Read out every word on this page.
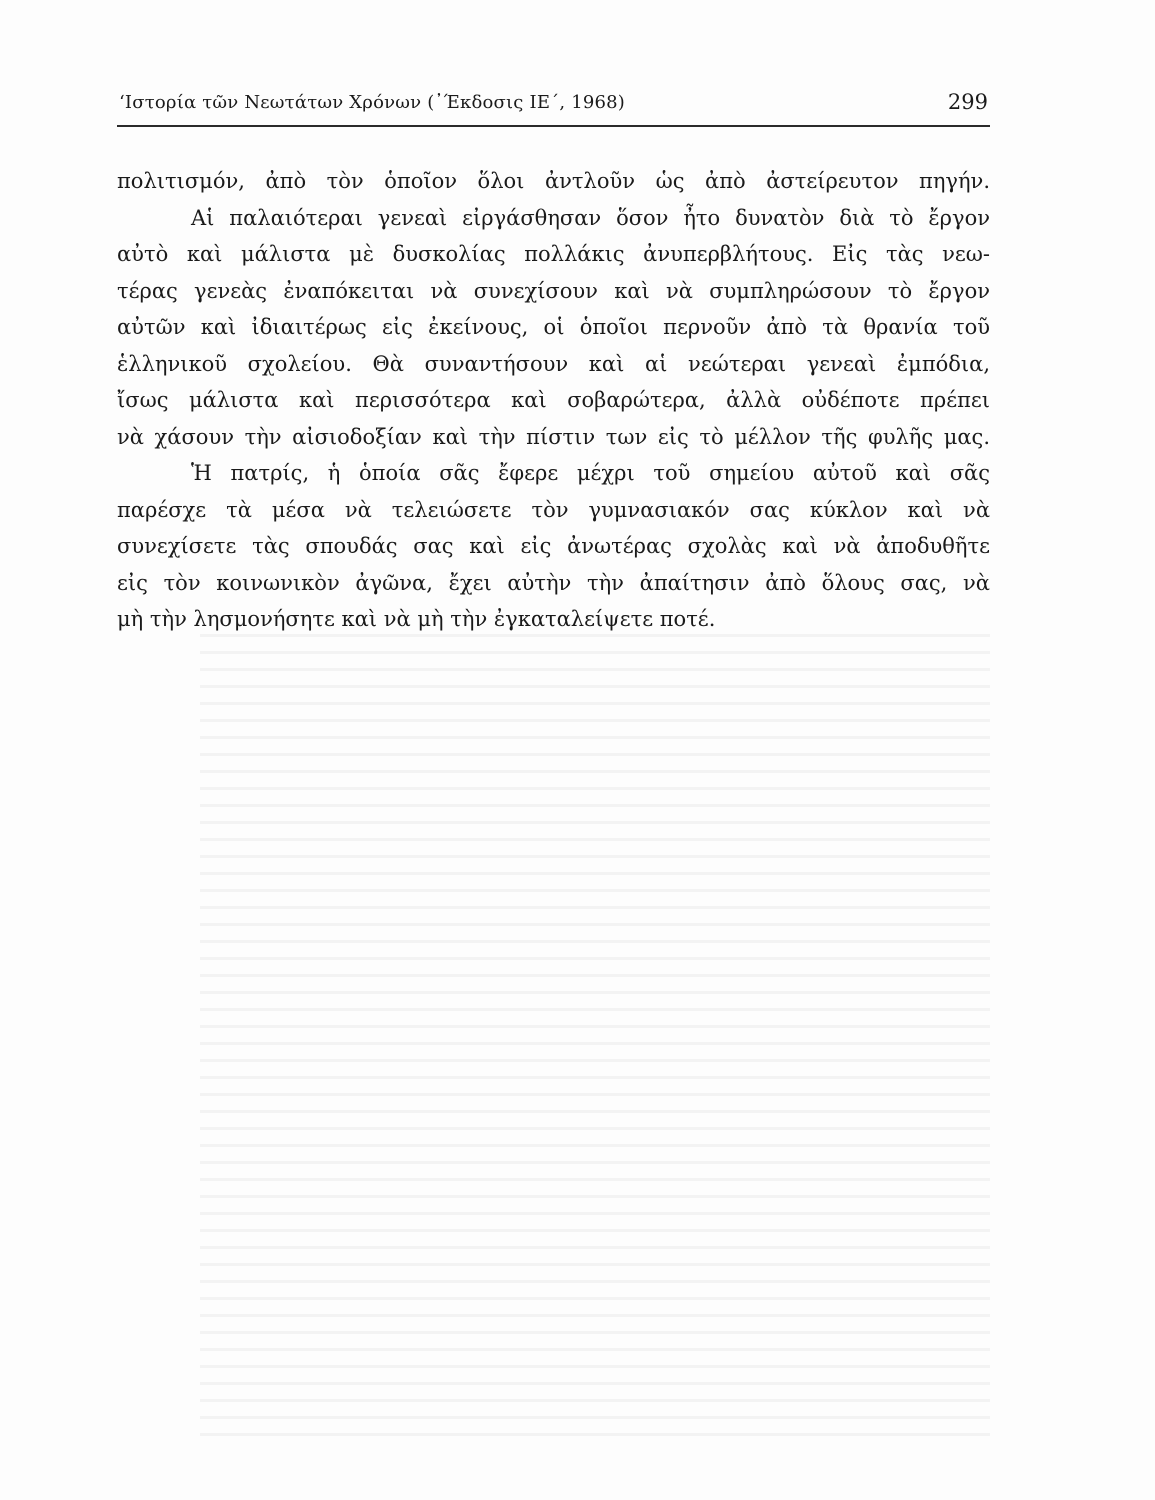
‘Ιστορία τῶν Νεωτάτων Χρόνων (᾽Έκδοσις ΙΕ΄, 1968)	299
πολιτισμόν, ἀπὸ τὸν ὁποῖον ὅλοι ἀντλοῦν ὡς ἀπὸ ἀστείρευτον πηγήν.
Αἱ παλαιότεραι γενεαὶ εἰργάσθησαν ὅσον ἦτο δυνατὸν διὰ τὸ ἔργον
αὐτὸ καὶ μάλιστα μὲ δυσκολίας πολλάκις ἀνυπερβλήτους. Εἰς τὰς νεω-
τέρας γενεὰς ἐναπόκειται νὰ συνεχίσουν καὶ νὰ συμπληρώσουν τὸ ἔργον
αὐτῶν καὶ ἰδιαιτέρως εἰς ἐκείνους, οἱ ὁποῖοι περνοῦν ἀπὸ τὰ θρανία τοῦ
ἑλληνικοῦ σχολείου. Θὰ συναντήσουν καὶ αἱ νεώτεραι γενεαὶ ἐμπόδια,
ἴσως μάλιστα καὶ περισσότερα καὶ σοβαρώτερα, ἀλλὰ οὐδέποτε πρέπει
νὰ χάσουν τὴν αἰσιοδοξίαν καὶ τὴν πίστιν των εἰς τὸ μέλλον τῆς φυλῆς μας.
Ἡ πατρίς, ἡ ὁποία σᾶς ἔφερε μέχρι τοῦ σημείου αὐτοῦ καὶ σᾶς
παρέσχε τὰ μέσα νὰ τελειώσετε τὸν γυμνασιακόν σας κύκλον καὶ νὰ
συνεχίσετε τὰς σπουδάς σας καὶ εἰς ἀνωτέρας σχολὰς καὶ νὰ ἀποδυθῆτε
εἰς τὸν κοινωνικὸν ἀγῶνα, ἔχει αὐτὴν τὴν ἀπαίτησιν ἀπὸ ὅλους σας, νὰ
μὴ τὴν λησμονήσητε καὶ νὰ μὴ τὴν ἐγκαταλείψετε ποτέ.
